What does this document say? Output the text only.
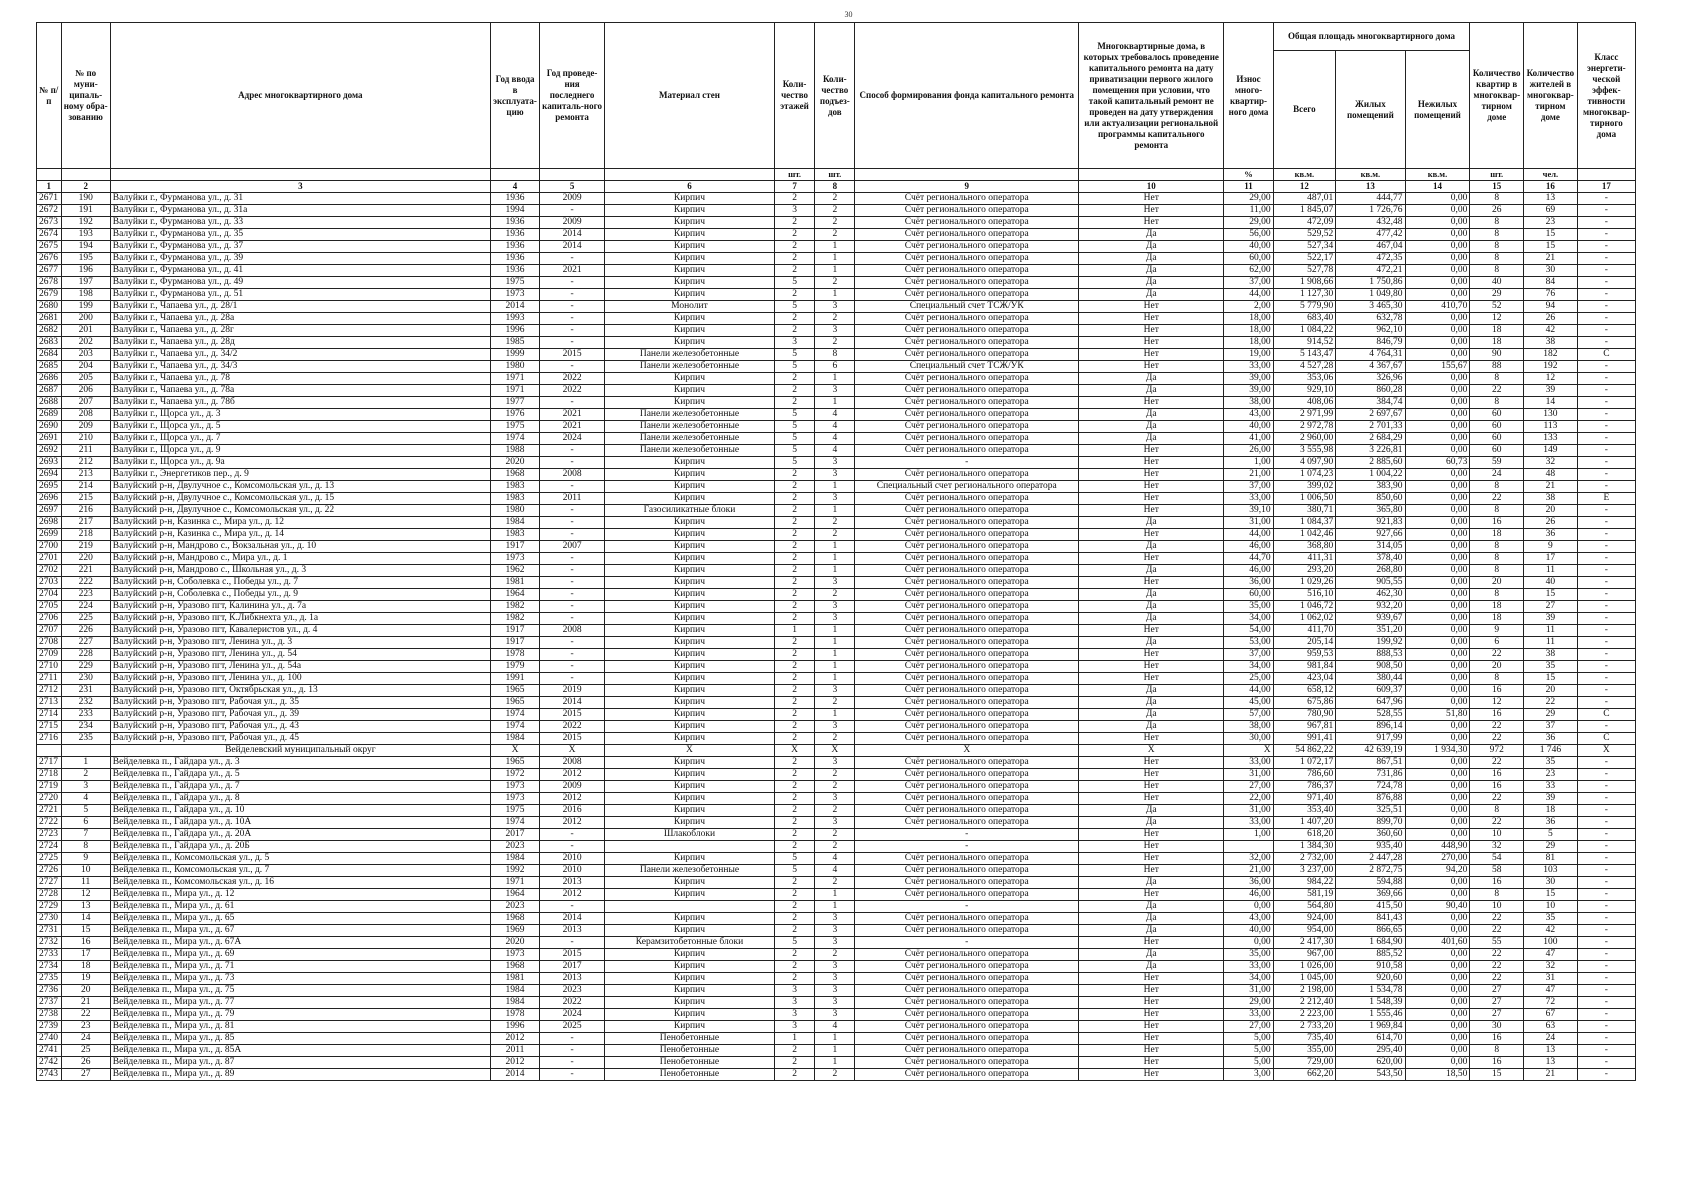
30
№ п/п	№ по муни-ципаль-ному обра-зованию	Адрес многоквартирного дома	Год ввода в эксплуата-цию	Год проведе-ния последнего капиталь-ного ремонта	Материал стен	Коли-чество этажей	Коли-чество подъез-дов	Способ формирования фонда капитального ремонта	Многоквартирные дома, в которых требовалось проведение капитального ремонта на дату приватизации первого жилого помещения при условии, что такой капитальный ремонт не проведен на дату утверждения или актуализации региональной программы капитального ремонта	Износ много-квартир-ного дома	Общая площадь многоквартирного дома			Количество квартир в многоквар-тирном доме	Количество жителей в многоквар-тирном доме	Класс энергети-ческой эффек-тивности многоквар-тирного дома
											Всего	Жилых помещений	Нежилых помещений			
						шт.	шт.			%	кв.м.	кв.м.	кв.м.	шт.	чел.	
1	2	3	4	5	6	7	8	9	10	11	12	13	14	15	16	17
2671	190	Валуйки г., Фурманова ул., д. 31	1936	2009	Кирпич	2	2	Счёт регионального оператора	Нет	29,00	487,01	444,77	0,00	8	13	-
2672	191	Валуйки г., Фурманова ул., д. 31а	1994	-	Кирпич	3	2	Счёт регионального оператора	Нет	11,00	1 845,07	1 726,76	0,00	26	69	-
2673	192	Валуйки г., Фурманова ул., д. 33	1936	2009	Кирпич	2	2	Счёт регионального оператора	Нет	29,00	472,09	432,48	0,00	8	23	-
2674	193	Валуйки г., Фурманова ул., д. 35	1936	2014	Кирпич	2	2	Счёт регионального оператора	Да	56,00	529,52	477,42	0,00	8	15	-
2675	194	Валуйки г., Фурманова ул., д. 37	1936	2014	Кирпич	2	1	Счёт регионального оператора	Да	40,00	527,34	467,04	0,00	8	15	-
2676	195	Валуйки г., Фурманова ул., д. 39	1936	-	Кирпич	2	1	Счёт регионального оператора	Да	60,00	522,17	472,35	0,00	8	21	-
2677	196	Валуйки г., Фурманова ул., д. 41	1936	2021	Кирпич	2	1	Счёт регионального оператора	Да	62,00	527,78	472,21	0,00	8	30	-
2678	197	Валуйки г., Фурманова ул., д. 49	1975	-	Кирпич	5	2	Счёт регионального оператора	Да	37,00	1 908,66	1 750,86	0,00	40	84	-
2679	198	Валуйки г., Фурманова ул., д. 51	1973	-	Кирпич	2	1	Счёт регионального оператора	Да	44,00	1 127,30	1 049,80	0,00	29	76	-
2680	199	Валуйки г., Чапаева ул., д. 28/1	2014	-	Монолит	5	3	Специальный счет ТСЖ/УК	Нет	2,00	5 779,90	3 465,30	410,70	52	94	-
2681	200	Валуйки г., Чапаева ул., д. 28а	1993	-	Кирпич	2	2	Счёт регионального оператора	Нет	18,00	683,40	632,78	0,00	12	26	-
2682	201	Валуйки г., Чапаева ул., д. 28г	1996	-	Кирпич	2	3	Счёт регионального оператора	Нет	18,00	1 084,22	962,10	0,00	18	42	-
2683	202	Валуйки г., Чапаева ул., д. 28д	1985	-	Кирпич	3	2	Счёт регионального оператора	Нет	18,00	914,52	846,79	0,00	18	38	-
2684	203	Валуйки г., Чапаева ул., д. 34/2	1999	2015	Панели железобетонные	5	8	Счёт регионального оператора	Нет	19,00	5 143,47	4 764,31	0,00	90	182	С
2685	204	Валуйки г., Чапаева ул., д. 34/3	1980	-	Панели железобетонные	5	6	Специальный счет ТСЖ/УК	Нет	33,00	4 527,28	4 367,67	155,67	88	192	-
2686	205	Валуйки г., Чапаева ул., д. 78	1971	2022	Кирпич	2	1	Счёт регионального оператора	Да	39,00	353,06	326,96	0,00	8	12	-
2687	206	Валуйки г., Чапаева ул., д. 78а	1971	2022	Кирпич	2	3	Счёт регионального оператора	Да	39,00	929,10	860,28	0,00	22	39	-
2688	207	Валуйки г., Чапаева ул., д. 78б	1977	-	Кирпич	2	1	Счёт регионального оператора	Нет	38,00	408,06	384,74	0,00	8	14	-
2689	208	Валуйки г., Щорса ул., д. 3	1976	2021	Панели железобетонные	5	4	Счёт регионального оператора	Да	43,00	2 971,99	2 697,67	0,00	60	130	-
2690	209	Валуйки г., Щорса ул., д. 5	1975	2021	Панели железобетонные	5	4	Счёт регионального оператора	Да	40,00	2 972,78	2 701,33	0,00	60	113	-
2691	210	Валуйки г., Щорса ул., д. 7	1974	2024	Панели железобетонные	5	4	Счёт регионального оператора	Да	41,00	2 960,00	2 684,29	0,00	60	133	-
2692	211	Валуйки г., Щорса ул., д. 9	1988	-	Панели железобетонные	5	4	Счёт регионального оператора	Нет	26,00	3 555,98	3 226,81	0,00	60	149	-
2693	212	Валуйки г., Щорса ул., д. 9а	2020	-	Кирпич	5	3	-	Нет	1,00	4 097,90	2 885,60	60,73	59	32	-
2694	213	Валуйки г., Энергетиков пер., д. 9	1968	2008	Кирпич	2	3	Счёт регионального оператора	Нет	21,00	1 074,23	1 004,22	0,00	24	48	-
2695	214	Валуйский р-н, Двулучное с., Комсомольская ул., д. 13	1983	-	Кирпич	2	1	Специальный счет регионального оператора	Нет	37,00	399,02	383,90	0,00	8	21	-
2696	215	Валуйский р-н, Двулучное с., Комсомольская ул., д. 15	1983	2011	Кирпич	2	3	Счёт регионального оператора	Нет	33,00	1 006,50	850,60	0,00	22	38	Е
2697	216	Валуйский р-н, Двулучное с., Комсомольская ул., д. 22	1980	-	Газосиликатные блоки	2	1	Счёт регионального оператора	Нет	39,10	380,71	365,80	0,00	8	20	-
2698	217	Валуйский р-н, Казинка с., Мира ул., д. 12	1984	-	Кирпич	2	2	Счёт регионального оператора	Да	31,00	1 084,37	921,83	0,00	16	26	-
2699	218	Валуйский р-н, Казинка с., Мира ул., д. 14	1983	-	Кирпич	2	2	Счёт регионального оператора	Нет	44,00	1 042,46	927,66	0,00	18	36	-
2700	219	Валуйский р-н, Мандрово с., Вокзальная ул., д. 10	1917	2007	Кирпич	2	1	Счёт регионального оператора	Да	46,00	368,80	314,05	0,00	8	9	-
2701	220	Валуйский р-н, Мандрово с., Мира ул., д. 1	1973	-	Кирпич	2	1	Счёт регионального оператора	Нет	44,70	411,31	378,40	0,00	8	17	-
2702	221	Валуйский р-н, Мандрово с., Школьная ул., д. 3	1962	-	Кирпич	2	1	Счёт регионального оператора	Да	46,00	293,20	268,80	0,00	8	11	-
2703	222	Валуйский р-н, Соболевка с., Победы ул., д. 7	1981	-	Кирпич	2	3	Счёт регионального оператора	Нет	36,00	1 029,26	905,55	0,00	20	40	-
2704	223	Валуйский р-н, Соболевка с., Победы ул., д. 9	1964	-	Кирпич	2	2	Счёт регионального оператора	Да	60,00	516,10	462,30	0,00	8	15	-
2705	224	Валуйский р-н, Уразово пгт, Калинина ул., д. 7а	1982	-	Кирпич	2	3	Счёт регионального оператора	Да	35,00	1 046,72	932,20	0,00	18	27	-
2706	225	Валуйский р-н, Уразово пгт, К.Либкнехта ул., д. 1а	1982	-	Кирпич	2	3	Счёт регионального оператора	Да	34,00	1 062,02	939,67	0,00	18	39	-
2707	226	Валуйский р-н, Уразово пгт, Кавалеристов ул., д. 4	1917	2008	Кирпич	1	1	Счёт регионального оператора	Нет	54,00	411,70	351,20	0,00	9	11	-
2708	227	Валуйский р-н, Уразово пгт, Ленина ул., д. 3	1917	-	Кирпич	2	1	Счёт регионального оператора	Да	53,00	205,14	199,92	0,00	6	11	-
2709	228	Валуйский р-н, Уразово пгт, Ленина ул., д. 54	1978	-	Кирпич	2	1	Счёт регионального оператора	Нет	37,00	959,53	888,53	0,00	22	38	-
2710	229	Валуйский р-н, Уразово пгт, Ленина ул., д. 54а	1979	-	Кирпич	2	1	Счёт регионального оператора	Нет	34,00	981,84	908,50	0,00	20	35	-
2711	230	Валуйский р-н, Уразово пгт, Ленина ул., д. 100	1991	-	Кирпич	2	1	Счёт регионального оператора	Нет	25,00	423,04	380,44	0,00	8	15	-
2712	231	Валуйский р-н, Уразово пгт, Октябрьская ул., д. 13	1965	2019	Кирпич	2	3	Счёт регионального оператора	Да	44,00	658,12	609,37	0,00	16	20	-
2713	232	Валуйский р-н, Уразово пгт, Рабочая ул., д. 35	1965	2014	Кирпич	2	2	Счёт регионального оператора	Да	45,00	675,86	647,96	0,00	12	22	-
2714	233	Валуйский р-н, Уразово пгт, Рабочая ул., д. 39	1974	2015	Кирпич	2	1	Счёт регионального оператора	Да	57,00	780,90	528,55	51,80	16	29	С
2715	234	Валуйский р-н, Уразово пгт, Рабочая ул., д. 43	1974	2022	Кирпич	2	3	Счёт регионального оператора	Да	38,00	967,81	896,14	0,00	22	37	-
2716	235	Валуйский р-н, Уразово пгт, Рабочая ул., д. 45	1984	2015	Кирпич	2	2	Счёт регионального оператора	Нет	30,00	991,41	917,99	0,00	22	36	С
		Вейделевский муниципальный округ	X	X	X	X	X	X	X	X	54 862,22	42 639,19	1 934,30	972	1 746	X
2717	1	Вейделевка п., Гайдара ул., д. 3	1965	2008	Кирпич	2	3	Счёт регионального оператора	Нет	33,00	1 072,17	867,51	0,00	22	35	-
2718	2	Вейделевка п., Гайдара ул., д. 5	1972	2012	Кирпич	2	2	Счёт регионального оператора	Нет	31,00	786,60	731,86	0,00	16	23	-
2719	3	Вейделевка п., Гайдара ул., д. 7	1973	2009	Кирпич	2	2	Счёт регионального оператора	Нет	27,00	786,37	724,78	0,00	16	33	-
2720	4	Вейделевка п., Гайдара ул., д. 8	1973	2012	Кирпич	2	3	Счёт регионального оператора	Нет	22,00	971,40	876,88	0,00	22	39	-
2721	5	Вейделевка п., Гайдара ул., д. 10	1975	2016	Кирпич	2	2	Счёт регионального оператора	Да	31,00	353,40	325,51	0,00	8	18	-
2722	6	Вейделевка п., Гайдара ул., д. 10А	1974	2012	Кирпич	2	3	Счёт регионального оператора	Да	33,00	1 407,20	899,70	0,00	22	36	-
2723	7	Вейделевка п., Гайдара ул., д. 20А	2017	-	Шлакоблоки	2	2	-	Нет	1,00	618,20	360,60	0,00	10	5	-
2724	8	Вейделевка п., Гайдара ул., д. 20Б	2023	-		2	2	-	Нет		1 384,30	935,40	448,90	32	29	-
2725	9	Вейделевка п., Комсомольская ул., д. 5	1984	2010	Кирпич	5	4	Счёт регионального оператора	Нет	32,00	2 732,00	2 447,28	270,00	54	81	-
2726	10	Вейделевка п., Комсомольская ул., д. 7	1992	2010	Панели железобетонные	5	4	Счёт регионального оператора	Нет	21,00	3 237,00	2 872,75	94,20	58	103	-
2727	11	Вейделевка п., Комсомольская ул., д. 16	1971	2013	Кирпич	2	2	Счёт регионального оператора	Да	36,00	984,22	594,88	0,00	16	30	-
2728	12	Вейделевка п., Мира ул., д. 12	1964	2012	Кирпич	2	1	Счёт регионального оператора	Нет	46,00	581,19	369,66	0,00	8	15	-
2729	13	Вейделевка п., Мира ул., д. 61	2023	-		2	1	-	Да	0,00	564,80	415,50	90,40	10	10	-
2730	14	Вейделевка п., Мира ул., д. 65	1968	2014	Кирпич	2	3	Счёт регионального оператора	Да	43,00	924,00	841,43	0,00	22	35	-
2731	15	Вейделевка п., Мира ул., д. 67	1969	2013	Кирпич	2	3	Счёт регионального оператора	Да	40,00	954,00	866,65	0,00	22	42	-
2732	16	Вейделевка п., Мира ул., д. 67А	2020	-	Керамзитобетонные блоки	5	3	-	Нет	0,00	2 417,30	1 684,90	401,60	55	100	-
2733	17	Вейделевка п., Мира ул., д. 69	1973	2015	Кирпич	2	2	Счёт регионального оператора	Да	35,00	967,00	885,52	0,00	22	47	-
2734	18	Вейделевка п., Мира ул., д. 71	1968	2017	Кирпич	2	3	Счёт регионального оператора	Да	33,00	1 026,00	910,58	0,00	22	32	-
2735	19	Вейделевка п., Мира ул., д. 73	1981	2013	Кирпич	2	3	Счёт регионального оператора	Нет	34,00	1 045,00	920,60	0,00	22	31	-
2736	20	Вейделевка п., Мира ул., д. 75	1984	2023	Кирпич	3	3	Счёт регионального оператора	Нет	31,00	2 198,00	1 534,78	0,00	27	47	-
2737	21	Вейделевка п., Мира ул., д. 77	1984	2022	Кирпич	3	3	Счёт регионального оператора	Нет	29,00	2 212,40	1 548,39	0,00	27	72	-
2738	22	Вейделевка п., Мира ул., д. 79	1978	2024	Кирпич	3	3	Счёт регионального оператора	Нет	33,00	2 223,00	1 555,46	0,00	27	67	-
2739	23	Вейделевка п., Мира ул., д. 81	1996	2025	Кирпич	3	4	Счёт регионального оператора	Нет	27,00	2 733,20	1 969,84	0,00	30	63	-
2740	24	Вейделевка п., Мира ул., д. 85	2012	-	Пенобетонные	1	1	Счёт регионального оператора	Нет	5,00	735,40	614,70	0,00	16	24	-
2741	25	Вейделевка п., Мира ул., д. 85А	2011	-	Пенобетонные	2	1	Счёт регионального оператора	Нет	5,00	355,00	295,40	0,00	8	13	-
2742	26	Вейделевка п., Мира ул., д. 87	2012	-	Пенобетонные	2	1	Счёт регионального оператора	Нет	5,00	729,00	620,00	0,00	16	13	-
2743	27	Вейделевка п., Мира ул., д. 89	2014	-	Пенобетонные	2	2	Счёт регионального оператора	Нет	3,00	662,20	543,50	18,50	15	21	-
